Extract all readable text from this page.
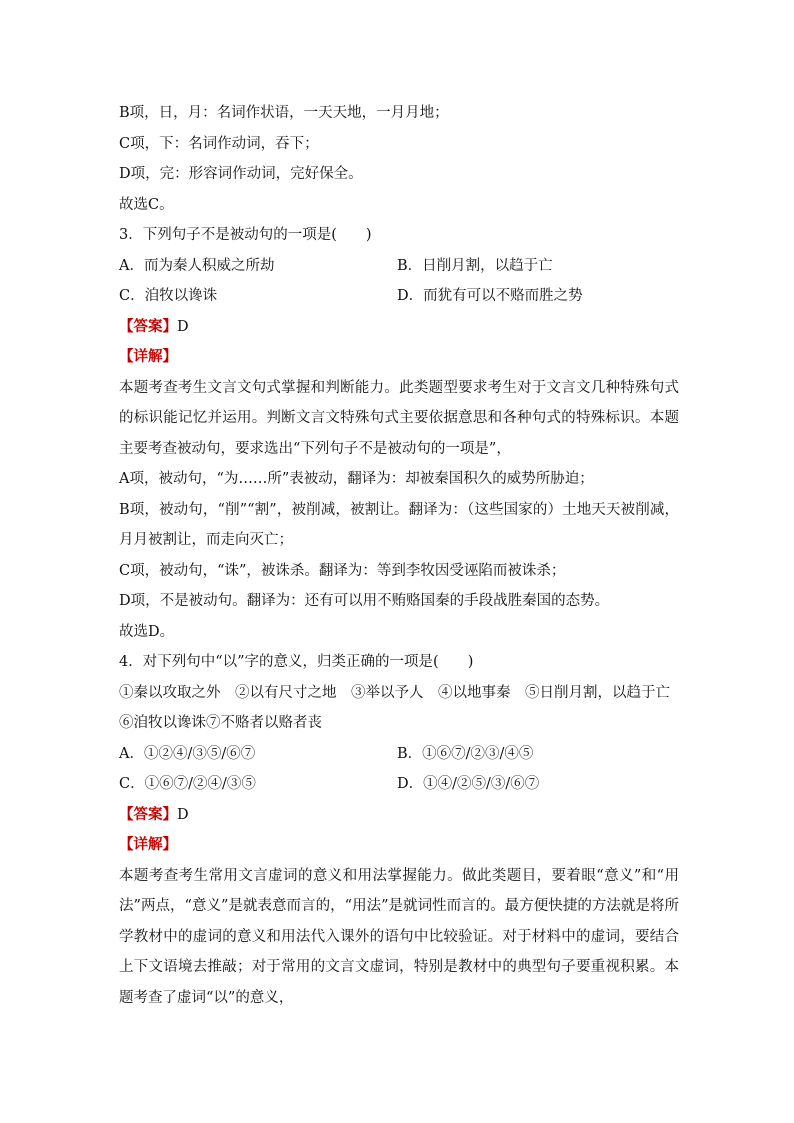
B项，日，月：名词作状语，一天天地，一月月地；
C项，下：名词作动词，吞下；
D项，完：形容词作动词，完好保全。
故选C。
3．下列句子不是被动句的一项是(　　)
A．而为秦人积威之所劫	B．日削月割，以趋于亡
C．洎牧以谗诛	D．而犹有可以不赂而胜之势
【答案】D
【详解】
本题考查考生文言文句式掌握和判断能力。此类题型要求考生对于文言文几种特殊句式的标识能记忆并运用。判断文言文特殊句式主要依据意思和各种句式的特殊标识。本题主要考查被动句，要求选出“下列句子不是被动句的一项是”，
A项，被动句，“为……所”表被动，翻译为：却被秦国积久的威势所胁迫；
B项，被动句，“削”“割”，被削减，被割让。翻译为：（这些国家的）土地天天被削减，月月被割让，而走向灭亡；
C项，被动句，“诛”，被诛杀。翻译为：等到李牧因受诬陷而被诛杀；
D项，不是被动句。翻译为：还有可以用不贿赂国秦的手段战胜秦国的态势。
故选D。
4．对下列句中“以”字的意义，归类正确的一项是(　　)
①秦以攻取之外　②以有尺寸之地　③举以予人　④以地事秦　⑤日削月割，以趋于亡
⑥洎牧以谗诛⑦不赂者以赂者丧
A．①②④/③⑤/⑥⑦	B．①⑥⑦/②③/④⑤
C．①⑥⑦/②④/③⑤	D．①④/②⑤/③/⑥⑦
【答案】D
【详解】
本题考查考生常用文言虚词的意义和用法掌握能力。做此类题目，要着眼“意义”和“用法”两点，“意义”是就表意而言的，“用法”是就词性而言的。最方便快捷的方法就是将所学教材中的虚词的意义和用法代入课外的语句中比较验证。对于材料中的虚词，要结合上下文语境去推敲；对于常用的文言文虚词，特别是教材中的典型句子要重视积累。本题考查了虚词“以”的意义，
